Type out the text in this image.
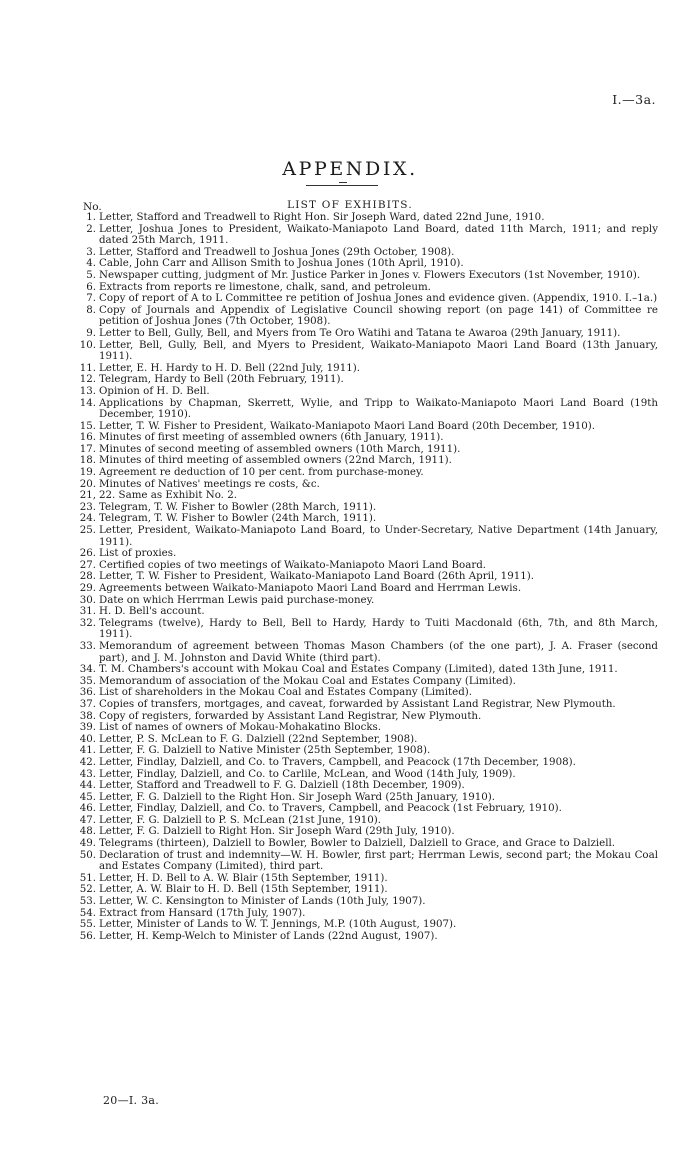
I.—3a.
APPENDIX.
No.	LIST OF EXHIBITS.
1. Letter, Stafford and Treadwell to Right Hon. Sir Joseph Ward, dated 22nd June, 1910.
2. Letter, Joshua Jones to President, Waikato-Maniapoto Land Board, dated 11th March, 1911; and reply dated 25th March, 1911.
3. Letter, Stafford and Treadwell to Joshua Jones (29th October, 1908).
4. Cable, John Carr and Allison Smith to Joshua Jones (10th April, 1910).
5. Newspaper cutting, judgment of Mr. Justice Parker in Jones v. Flowers Executors (1st November, 1910).
6. Extracts from reports re limestone, chalk, sand, and petroleum.
7. Copy of report of A to L Committee re petition of Joshua Jones and evidence given. (Appendix, 1910. I.–1a.)
8. Copy of Journals and Appendix of Legislative Council showing report (on page 141) of Committee re petition of Joshua Jones (7th October, 1908).
9. Letter to Bell, Gully, Bell, and Myers from Te Oro Watihi and Tatana te Awaroa (29th January, 1911).
10. Letter, Bell, Gully, Bell, and Myers to President, Waikato-Maniapoto Maori Land Board (13th January, 1911).
11. Letter, E. H. Hardy to H. D. Bell (22nd July, 1911).
12. Telegram, Hardy to Bell (20th February, 1911).
13. Opinion of H. D. Bell.
14. Applications by Chapman, Skerrett, Wylie, and Tripp to Waikato-Maniapoto Maori Land Board (19th December, 1910).
15. Letter, T. W. Fisher to President, Waikato-Maniapoto Maori Land Board (20th December, 1910).
16. Minutes of first meeting of assembled owners (6th January, 1911).
17. Minutes of second meeting of assembled owners (10th March, 1911).
18. Minutes of third meeting of assembled owners (22nd March, 1911).
19. Agreement re deduction of 10 per cent. from purchase-money.
20. Minutes of Natives' meetings re costs, &c.
21, 22. Same as Exhibit No. 2.
23. Telegram, T. W. Fisher to Bowler (28th March, 1911).
24. Telegram, T. W. Fisher to Bowler (24th March, 1911).
25. Letter, President, Waikato-Maniapoto Land Board, to Under-Secretary, Native Department (14th January, 1911).
26. List of proxies.
27. Certified copies of two meetings of Waikato-Maniapoto Maori Land Board.
28. Letter, T. W. Fisher to President, Waikato-Maniapoto Land Board (26th April, 1911).
29. Agreements between Waikato-Maniapoto Maori Land Board and Herrman Lewis.
30. Date on which Herrman Lewis paid purchase-money.
31. H. D. Bell's account.
32. Telegrams (twelve), Hardy to Bell, Bell to Hardy, Hardy to Tuiti Macdonald (6th, 7th, and 8th March, 1911).
33. Memorandum of agreement between Thomas Mason Chambers (of the one part), J. A. Fraser (second part), and J. M. Johnston and David White (third part).
34. T. M. Chambers's account with Mokau Coal and Estates Company (Limited), dated 13th June, 1911.
35. Memorandum of association of the Mokau Coal and Estates Company (Limited).
36. List of shareholders in the Mokau Coal and Estates Company (Limited).
37. Copies of transfers, mortgages, and caveat, forwarded by Assistant Land Registrar, New Plymouth.
38. Copy of registers, forwarded by Assistant Land Registrar, New Plymouth.
39. List of names of owners of Mokau-Mohakatino Blocks.
40. Letter, P. S. McLean to F. G. Dalziell (22nd September, 1908).
41. Letter, F. G. Dalziell to Native Minister (25th September, 1908).
42. Letter, Findlay, Dalziell, and Co. to Travers, Campbell, and Peacock (17th December, 1908).
43. Letter, Findlay, Dalziell, and Co. to Carlile, McLean, and Wood (14th July, 1909).
44. Letter, Stafford and Treadwell to F. G. Dalziell (18th December, 1909).
45. Letter, F. G. Dalziell to the Right Hon. Sir Joseph Ward (25th January, 1910).
46. Letter, Findlay, Dalziell, and Co. to Travers, Campbell, and Peacock (1st February, 1910).
47. Letter, F. G. Dalziell to P. S. McLean (21st June, 1910).
48. Letter, F. G. Dalziell to Right Hon. Sir Joseph Ward (29th July, 1910).
49. Telegrams (thirteen), Dalziell to Bowler, Bowler to Dalziell, Dalziell to Grace, and Grace to Dalziell.
50. Declaration of trust and indemnity—W. H. Bowler, first part; Herrman Lewis, second part; the Mokau Coal and Estates Company (Limited), third part.
51. Letter, H. D. Bell to A. W. Blair (15th September, 1911).
52. Letter, A. W. Blair to H. D. Bell (15th September, 1911).
53. Letter, W. C. Kensington to Minister of Lands (10th July, 1907).
54. Extract from Hansard (17th July, 1907).
55. Letter, Minister of Lands to W. T. Jennings, M.P. (10th August, 1907).
56. Letter, H. Kemp-Welch to Minister of Lands (22nd August, 1907).
20—I. 3a.
